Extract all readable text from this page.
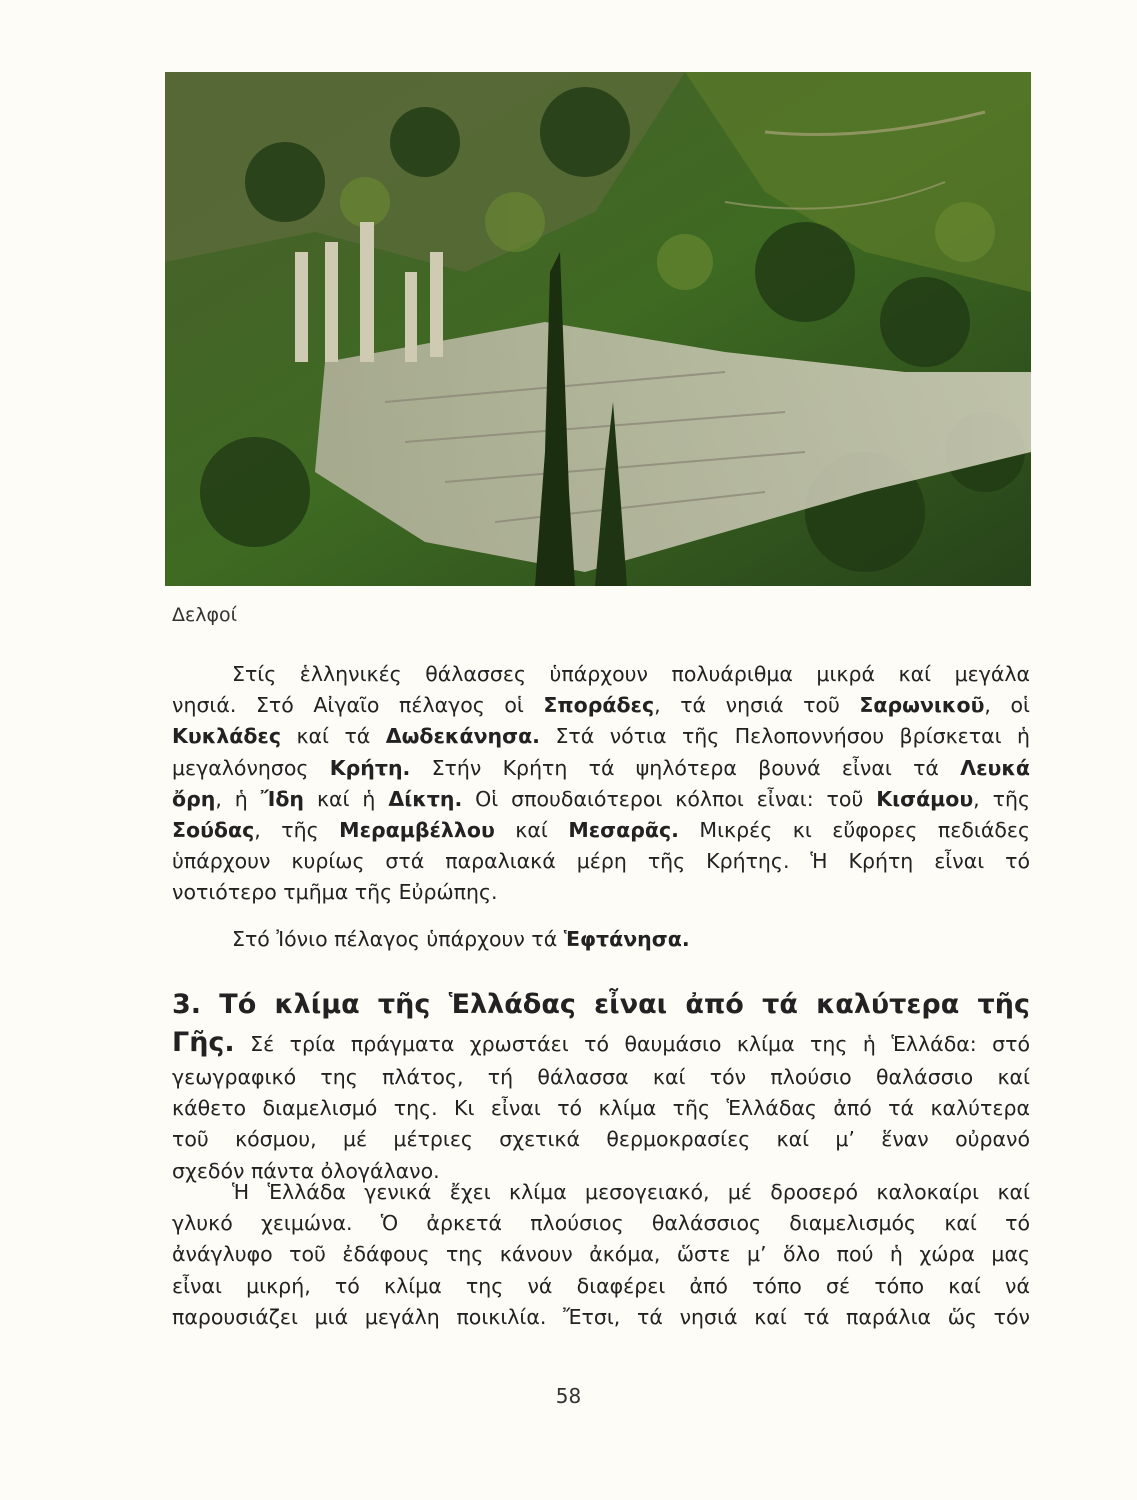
Δελφοί
Στίς ἑλληνικές θάλασσες ὑπάρχουν πολυάριθμα μικρά καί μεγάλα
νησιά. Στό Αἰγαῖο πέλαγος οἱ Σποράδες, τά νησιά τοῦ Σαρωνικοῦ, οἱ
Κυκλάδες καί τά Δωδεκάνησα. Στά νότια τῆς Πελοποννήσου βρίσκεται ἡ
μεγαλόνησος Κρήτη. Στήν Κρήτη τά ψηλότερα βουνά εἶναι τά Λευκά
ὄρη, ἡ Ἴδη καί ἡ Δίκτη. Οἱ σπουδαιότεροι κόλποι εἶναι: τοῦ Κισάμου, τῆς
Σούδας, τῆς Μεραμβέλλου καί Μεσαρᾶς. Μικρές κι εὔφορες πεδιάδες
ὑπάρχουν κυρίως στά παραλιακά μέρη τῆς Κρήτης. Ἡ Κρήτη εἶναι τό
νοτιότερο τμῆμα τῆς Εὐρώπης.
Στό Ἰόνιο πέλαγος ὑπάρχουν τά Ἑφτάνησα.
3. Τό κλίμα τῆς Ἑλλάδας εἶναι ἀπό τά καλύτερα τῆς
Γῆς. Σέ τρία πράγματα χρωστάει τό θαυμάσιο κλίμα της ἡ Ἑλλάδα: στό
γεωγραφικό της πλάτος, τή θάλασσα καί τόν πλούσιο θαλάσσιο καί
κάθετο διαμελισμό της. Κι εἶναι τό κλίμα τῆς Ἑλλάδας ἀπό τά καλύτερα
τοῦ κόσμου, μέ μέτριες σχετικά θερμοκρασίες καί μ’ ἕναν οὐρανό
σχεδόν πάντα ὀλογάλανο.
Ἡ Ἑλλάδα γενικά ἔχει κλίμα μεσογειακό, μέ δροσερό καλοκαίρι καί
γλυκό χειμώνα. Ὁ ἀρκετά πλούσιος θαλάσσιος διαμελισμός καί τό
ἀνάγλυφο τοῦ ἐδάφους της κάνουν ἀκόμα, ὥστε μ’ ὅλο πού ἡ χώρα μας
εἶναι μικρή, τό κλίμα της νά διαφέρει ἀπό τόπο σέ τόπο καί νά
παρουσιάζει μιά μεγάλη ποικιλία. Ἔτσι, τά νησιά καί τά παράλια ὥς τόν
58
